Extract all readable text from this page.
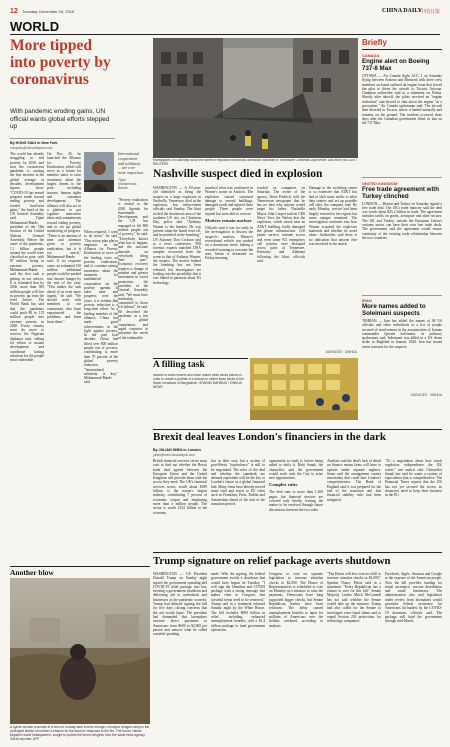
12 Tuesday, December 24, 2019	CHINA DAILY
中国日报
WORLD
More tipped into poverty by coronavirus
With pandemic eroding gains, UN official wants global efforts stepped up
By HONG XIAO in New York
hongxiao@chinadailyusa.com
The world has already struggling to end poverty by 2030, and now the coronavirus pandemic is causing the first increase in the global average in decades, development figures show. "COVID-19 has erased progress made toward ending poverty and eroded hard-won gains," the head of the UN General Assembly said. Tijani Muhammad-Bande, president of the 74th Session of the United Nations General Assembly. Before the onset of the pandemic, 1.1 billion people around the world were classified as poor, with 87 million living in extreme poverty. Muhammad-Bande said the first task is getting in our notices. It is estimated that by 2030, more than 500 million people will live in poverty, up from the level before. The World Bank has said that the pandemic could push 88 to 115 million people into extreme poverty in 2020. Every country must do more to recover, the Nigerian diplomat said, calling for efforts to sustain development and coordinate lasting solutions for the people most vulnerable.
On Nov 26, he launched the Alliance for Poverty Eradication, which will serve as a forum for member states to raise awareness about the largest threats to the poor, including income, human rights and consumer development. The alliance will also act as a platform to put together innovative ideas and commitments toward ending poverty, and to set up global monitoring of progress. "There is an amount of time and attention given to poverty eradication, but it is too much," Muhammad-Bande said. If no response came, an estimated 130 million additional people could be pushed into chronic hunger by the end of the year. "This makes the task ahead of us even more urgent," he said. "We should work with members of our community who have experienced the problems, and learn from them."
When required, I want to do more," he said. "Our action plan places emphasis on the Alliance for Poverty Eradication to serve as the leading voice on poverty eradication, and to continue raising awareness about the moments for multilateral cooperation on the poverty agenda. It takes time and progress; over the years, it is evident that poverty reduction is a long-term effort. As a leading member of the alliance, China has made great achievements in the fight against poverty. In the past four decades China has lifted over 800 million people out of poverty, contributing to more than 70 percent of the global poverty reduction. "International solidarity is key," Muhammad-Bande said.
International cooperation and solidarity ... are ever more important.
Tijani Muhammad-Bande
"Poverty eradication is central to the 2030 Agenda for Sustainable Development, and the UN has managed to lift 800 million people out of poverty," he said. "Everybody knows what has to happen, and the outcome depends on everybody doing their part." Economic recovery requires a change of mindset and greater investment in social protection, the president of the General Assembly said. "We must have leadership committed to those left behind," he said. He described the pandemic as a test of global cooperation, and urged countries to prioritize the needs of the vulnerable.
Another blow
A Syrian woman crouches in a field on Sunday after a drive through Chemya's refugee camp in the al-Mujaed district of northern Lebanon for the forum in response to the fire. The forum, Hamid Mujaed's world headquarters, sought to protect the forum refugees from the same news agency. SANA reported. AFP
Investigators on Saturday scour the scene of explosion that shook downtown Nashville in Tennessee Christmas Day before. ANDREW NELLES / REUTERS
Nashville suspect died in explosion
WASHINGTON — A 63-year-old identified as being the suspect in a large explosion in Nashville, Tennessee, died in the explosion, law enforcement officials said Sunday. The blast rocked the downtown area of the southern US city on Christmas Day, police said. "Anthony Warner is the bomber. He was present when the bomb went off, and he perished in the bombing," US Attorney Don Cochran said at a news conference. FBI forensic experts matched DNA samples recovered from the scene to that of Anthony Warner, the suspect. The motive behind the bombing has not been released, but investigators are looking into the possibility that it was linked to paranoia about 5G technology.
searched what was confirmed as Warner's home in Antioch. The explosion caused structural damage to several buildings, damaged roads and injured three people. Three people were injured but were able to recover.
Motives remain unclear
Officials said it was too early in the investigation to discuss the suspect's motives. Warner's recreational vehicle was parked on a downtown street, blaring a recorded warning to evacuate the area, before it detonated on Friday morning.
worked on computers on Saturday. The owner of the agency, Steve Fridrich, told the Tennessean newspaper that he has no idea why anyone would target his father. Nashville Mayor John Cooper said on CBS News' Face the Nation that the explosion, which struck near an AT&T building, badly damaged the phone infrastructure. Cell phone service, internet access and even some 911 emergency call systems were disrupted across parts of Tennessee, Kentucky and Alabama following the blast, officials said.
Damage to the switching center is so extensive that AT&T has had to shift some traffic to other data centers and set up portable cell sites, the company said. By early Monday, service had been largely restored to the region, but some outages remained. The investigation continues into how Warner acquired the explosive materials and whether he acted alone. Authorities said there is no indication that anyone else was involved in the attack.
AGENCIES · XINHUA
A filling task
Millions of small flowers and white rubber bean sacks placed in order to create a portrait of a woman in rubber bean sacks in the flower meadows of Bangladesh. SHAFAN MAHMUD / XINHUA NEWS
Briefly
CANADA
Engine alert on Boeing 737-8 Max
OTTAWA — Air Canada flight ACC 1 on Saturday flying between Arizona and Montreal with three crew members on board suffered an engine issue that forced the pilot to divert the aircraft to Tucson, Arizona. Canadian authorities said in a statement on Friday. Shortly after takeoff, the pilots received an "engine indication" and elected to shut down the engine "as a precaution," Air Canada spokesman said. The aircraft then diverted to Tucson, where it landed normally and remains on the ground. The incident occurred three days after the Canadian government lifted its ban on the 737 Max.
UNITED KINGDOM
Free trade agreement with Turkey clinched
LONDON — Britain and Turkey on Saturday signed a free trade deal. The UK's trade ministry said the deal was worth about $25.2 billion in trade. The agreement includes tariffs on goods, aerospace and other sectors. The UK and Turkey, outside the European Union's customs union, can have their own free trade deals. The government said the agreement would ensure continuity of the existing trade relationship between the two countries.
IRAN
More names added to Soleimani suspects
TEHRAN — Iran has added the names of 48 US officials and other individuals to a list of people accused of involvement in the assassination of Iranian commander Qassem Soleimani, its judiciary spokesman said. Soleimani was killed in a US drone strike in Baghdad in January 2020. Iran has issued arrest warrants for the suspects.
AGENCIES · XINHUA
Brexit deal leaves London's financiers in the dark
By JULIAN SHEA in London
julian@mail.chinadailyuk.com
British financial services sector must wait to find out whether the Brexit trade deal agreed between the European Union and the United Kingdom will provide them with the access they need. The UK's financial services sector, worth about $180 billion, is the nation's largest industry, contributing 7 percent of economic output and employing more than a million people. The sector is worth £132 billion to the economy.
lost in their own, but a system of post-Brexit "equivalence" is still to be negotiated. The rules of the deal and whether the standards are deemed equivalent will be the key to London's future as a global financial hub. Many firms have already moved some staff and assets to EU cities such as Frankfurt, Paris, Dublin and Amsterdam ahead of the end of the transition period.
opportunity to study it, before being asked to ratify it. Rishi Sunak, the chancellor, said the government would work with the City to seize new opportunities.
Complex rules
The deal runs to more than 1,200 pages, but financial services are covered only briefly, leaving the matter to be resolved through future discussions between the two sides.
Analysts said the deal's lack of detail on finance means firms will have to operate under separate regimes. Some said the arrangement creates uncertainty that could hurt London's competitiveness. The Bank of England said it was prepared for the end of the transition and that financial stability risks had been mitigated.
"It's a negotiation about how much regulatory independence the UK wants," one analyst said. Chancellor Sunak has said he wants a system of equivalence that is comprehensive. The Financial Times reports that the UK has not yet secured the access its financiers need to keep their business in the EU.
Trump signature on relief package averts shutdown
WASHINGTON — US President Donald Trump on Sunday night signed the government spending and COVID-19 relief package into law, averting a government shutdown and delivering aid to individuals and businesses as the pandemic worsens. Trump had delayed signing the bill for five days, raising concerns that the aid would lapse. The president had demanded that lawmakers increase direct payments to Americans from $600 to $2,000 per person and remove what he called wasteful spending.
made. With the signing, the federal government avoids a shutdown that would have begun on Tuesday. "I will sign the Omnibus and COVID package with a strong message that makes clear to Congress that wasteful items need to be removed," Trump said in a statement released Sunday night by the White House. The bill includes $900 billion in relief, including enhanced unemployment benefits, and a $1.4 trillion package to fund government operations.
Congress to vote on separate legislation to increase stimulus checks to $2,000. The House of Representatives is scheduled to vote on Monday on a measure to raise the payments. Democrats have long supported bigger checks, but Senate Republican leaders have been reluctant. The delay caused unemployment benefits to lapse for millions of Americans over the holiday weekend, according to analysts.
"The House will also vote on a bill to increase stimulus checks to $2,000," Speaker Nancy Pelosi said in a statement. "Every Republican has a chance to vote for this bill." Senate Majority Leader Mitch McConnell has not said whether the Senate would take up the measure. Trump had also called for the Senate to investigate voter fraud claims and to repeal Section 230 protections for technology companies.
Facebook, Apple, Amazon and Google at the expense of the American people. Now the bill provides funding for rental assistance, vaccine distribution and small businesses. The administration also said legislation under review from lawmakers would prioritize federal assistance for Americans hit hardest by the COVID-19 downturn, officials said. The package will fund the government through mid-March.
